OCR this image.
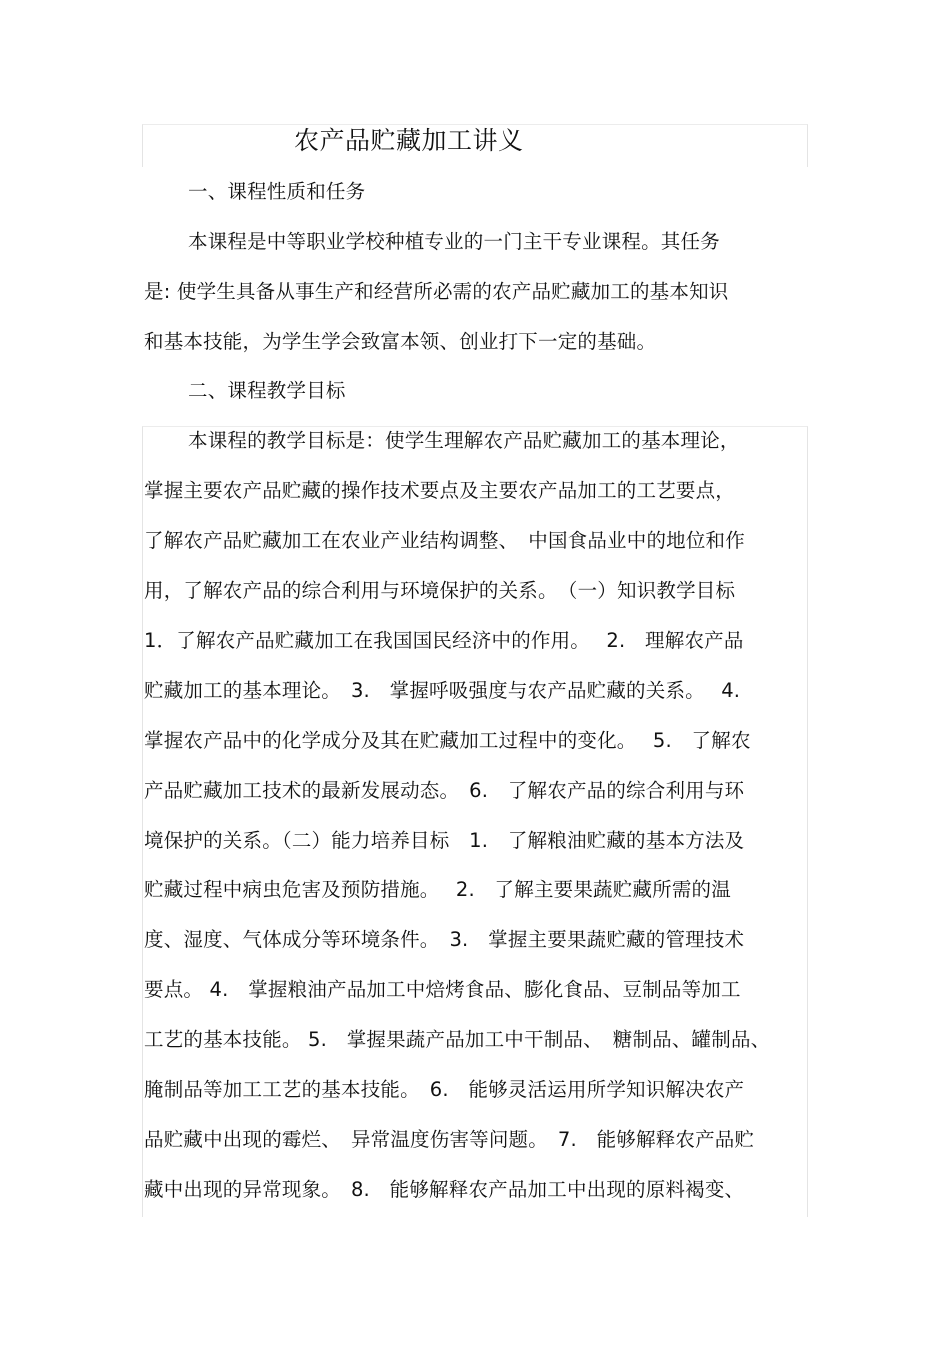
农产品贮藏加工讲义
一、课程性质和任务
本课程是中等职业学校种植专业的一门主干专业课程。其任务
是: 使学生具备从事生产和经营所必需的农产品贮藏加工的基本知识
和基本技能，为学生学会致富本领、创业打下一定的基础。
二、课程教学目标
本课程的教学目标是：使学生理解农产品贮藏加工的基本理论，
掌握主要农产品贮藏的操作技术要点及主要农产品加工的工艺要点，
了解农产品贮藏加工在农业产业结构调整、　中国食品业中的地位和作
用，了解农产品的综合利用与环境保护的关系。　（一）知识教学目标
1．了解农产品贮藏加工在我国国民经济中的作用。　 2.　理解农产品
贮藏加工的基本理论。　3.　掌握呼吸强度与农产品贮藏的关系。　 4.
掌握农产品中的化学成分及其在贮藏加工过程中的变化。　 5.　了解农
产品贮藏加工技术的最新发展动态。　6.　了解农产品的综合利用与环
境保护的关系。（二）能力培养目标　1.　了解粮油贮藏的基本方法及
贮藏过程中病虫危害及预防措施。　 2.　了解主要果蔬贮藏所需的温
度、湿度、气体成分等环境条件。　3.　掌握主要果蔬贮藏的管理技术
要点。 4.　掌握粮油产品加工中焙烤食品、膨化食品、豆制品等加工
工艺的基本技能。 5.　掌握果蔬产品加工中干制品、　糖制品、罐制品、
腌制品等加工工艺的基本技能。　6.　能够灵活运用所学知识解决农产
品贮藏中出现的霉烂、　异常温度伤害等问题。　7.　能够解释农产品贮
藏中出现的异常现象。　8.　能够解释农产品加工中出现的原料褐变、
